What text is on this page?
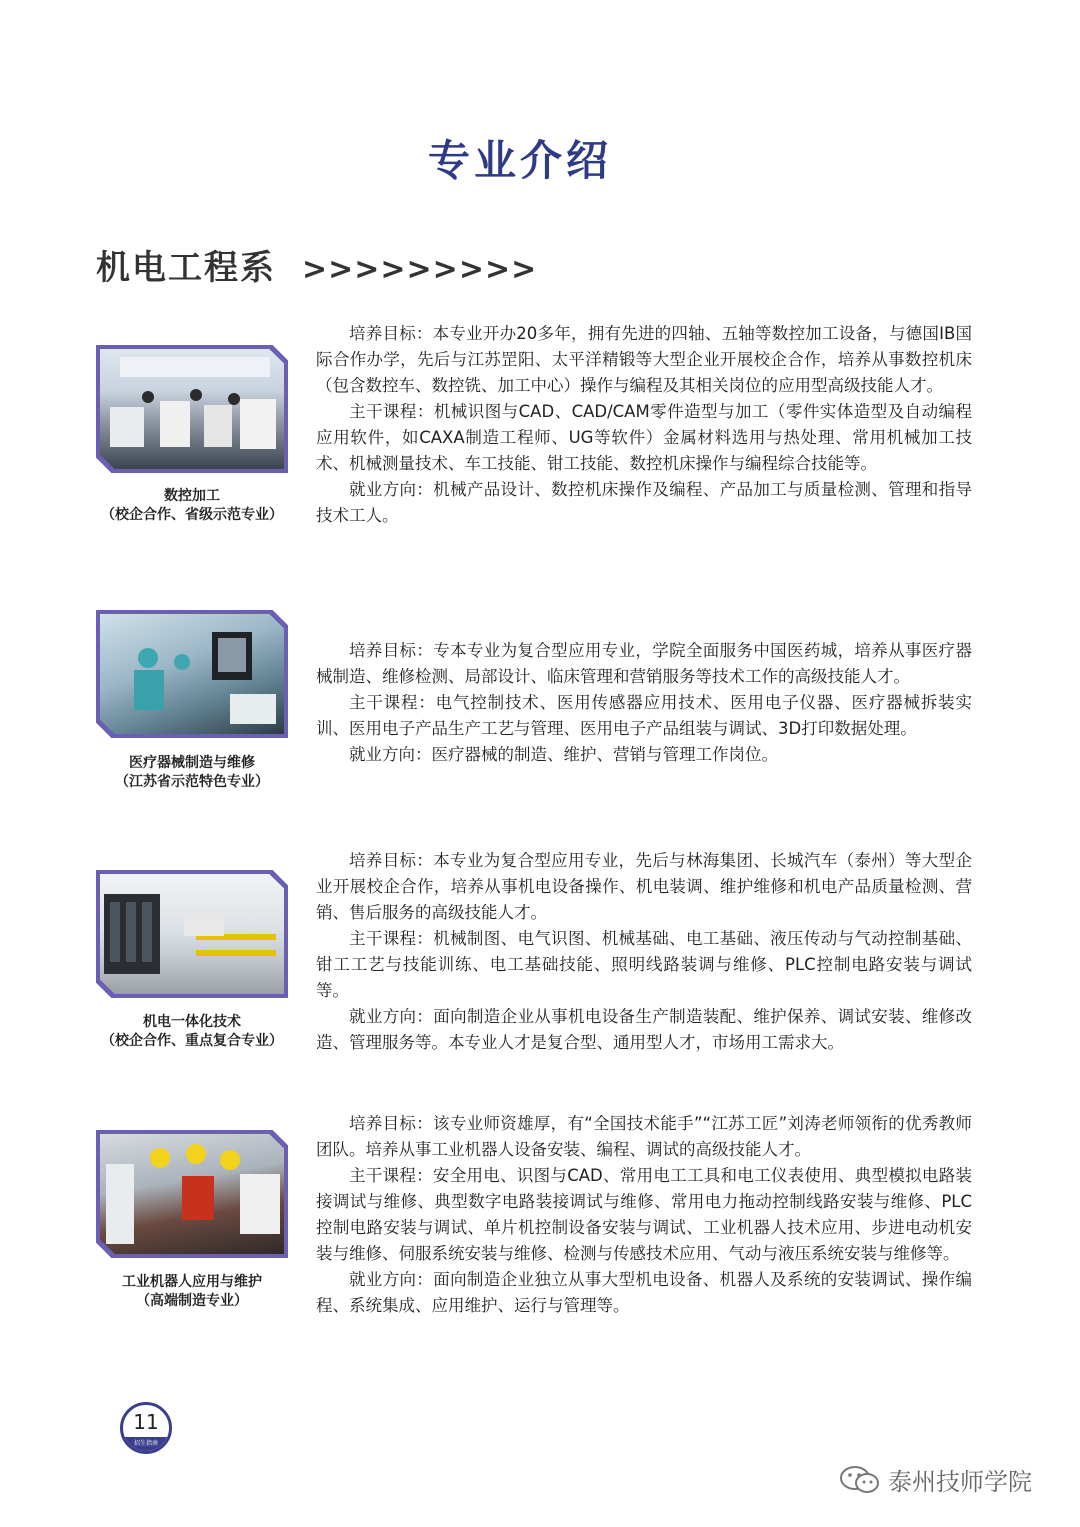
专业介绍
机电工程系 >>>>>>>>>
数控加工
（校企合作、省级示范专业）

培养目标：本专业开办20多年，拥有先进的四轴、五轴等数控加工设备，与德国IB国际合作办学，先后与江苏罡阳、太平洋精锻等大型企业开展校企合作，培养从事数控机床（包含数控车、数控铣、加工中心）操作与编程及其相关岗位的应用型高级技能人才。

主干课程：机械识图与CAD、CAD/CAM零件造型与加工（零件实体造型及自动编程应用软件，如CAXA制造工程师、UG等软件）金属材料选用与热处理、常用机械加工技术、机械测量技术、车工技能、钳工技能、数控机床操作与编程综合技能等。

就业方向：机械产品设计、数控机床操作及编程、产品加工与质量检测、管理和指导技术工人。

医疗器械制造与维修
（江苏省示范特色专业）

培养目标：专本专业为复合型应用专业，学院全面服务中国医药城，培养从事医疗器械制造、维修检测、局部设计、临床管理和营销服务等技术工作的高级技能人才。

主干课程：电气控制技术、医用传感器应用技术、医用电子仪器、医疗器械拆装实训、医用电子产品生产工艺与管理、医用电子产品组装与调试、3D打印数据处理。

就业方向：医疗器械的制造、维护、营销与管理工作岗位。

机电一体化技术
（校企合作、重点复合专业）

培养目标：本专业为复合型应用专业，先后与林海集团、长城汽车（泰州）等大型企业开展校企合作，培养从事机电设备操作、机电装调、维护维修和机电产品质量检测、营销、售后服务的高级技能人才。

主干课程：机械制图、电气识图、机械基础、电工基础、液压传动与气动控制基础、钳工工艺与技能训练、电工基础技能、照明线路装调与维修、PLC控制电路安装与调试等。

就业方向：面向制造企业从事机电设备生产制造装配、维护保养、调试安装、维修改造、管理服务等。本专业人才是复合型、通用型人才，市场用工需求大。

工业机器人应用与维护
（高端制造专业）

培养目标：该专业师资雄厚，有“全国技术能手”“江苏工匠”刘涛老师领衔的优秀教师团队。培养从事工业机器人设备安装、编程、调试的高级技能人才。

主干课程：安全用电、识图与CAD、常用电工工具和电工仪表使用、典型模拟电路装接调试与维修、典型数字电路装接调试与维修、常用电力拖动控制线路安装与维修、PLC控制电路安装与调试、单片机控制设备安装与调试、工业机器人技术应用、步进电动机安装与维修、伺服系统安装与维修、检测与传感技术应用、气动与液压系统安装与维修等。

就业方向：面向制造企业独立从事大型机电设备、机器人及系统的安装调试、操作编程、系统集成、应用维护、运行与管理等。

11
招生指南
泰州技师学院
